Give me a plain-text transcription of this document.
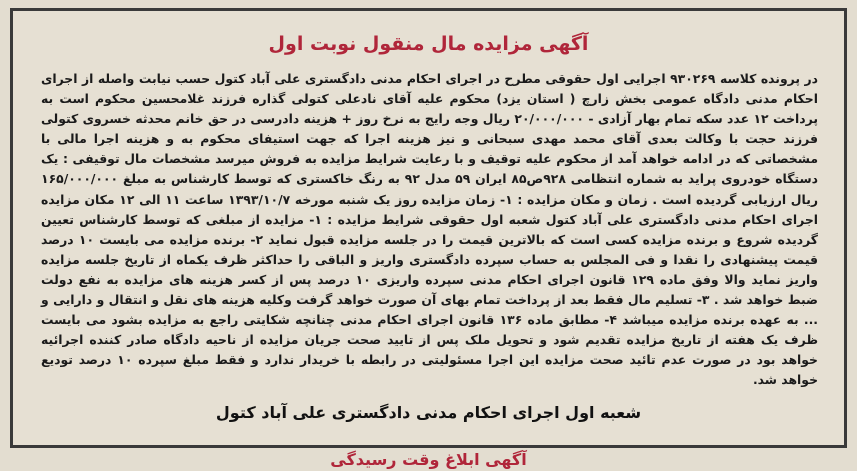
آگهی مزایده مال منقول نوبت اول

در پرونده کلاسه ۹۳۰۲۶۹ اجرایی اول حقوقی مطرح در اجرای احکام مدنی دادگستری علی آباد کتول حسب نیابت واصله از اجرای احکام مدنی دادگاه عمومی بخش زارچ ( استان یزد) محکوم علیه آقای نادعلی کتولی گذاره فرزند غلامحسین محکوم است به پرداخت ۱۲ عدد سکه تمام بهار آزادی - ۲۰/۰۰۰/۰۰۰ ریال وجه رایج به نرخ روز + هزینه دادرسی در حق خانم محدثه خسروی کتولی فرزند حجت با وکالت بعدی آقای محمد مهدی سبحانی و نیز هزینه اجرا که جهت استیفای محکوم به و هزینه اجرا مالی با مشخصاتی که در ادامه خواهد آمد از محکوم علیه توقیف و با رعایت شرایط مزایده به فروش میرسد مشخصات مال توقیفی : یک دستگاه خودروی پراید به شماره انتظامی ۹۲۸ص۸۵ ایران ۵۹ مدل ۹۲ به رنگ خاکستری که توسط کارشناس به مبلغ ۱۶۵/۰۰۰/۰۰۰ ریال ارزیابی گردیده است . زمان و مکان مزایده : ۱- زمان مزایده روز یک شنبه مورخه ۱۳۹۳/۱۰/۷ ساعت ۱۱ الی ۱۲ مکان مزایده اجرای احکام مدنی دادگستری علی آباد کتول شعبه اول حقوقی شرایط مزایده : ۱- مزایده از مبلغی که توسط کارشناس تعیین گردیده شروع و برنده مزایده کسی است که بالاترین قیمت را در جلسه مزایده قبول نماید ۲- برنده مزایده می بایست ۱۰ درصد قیمت پیشنهادی را نقدا و فی المجلس به حساب سپرده دادگستری واریز و الباقی را حداکثر ظرف یکماه از تاریخ جلسه مزایده واریز نماید والا وفق ماده ۱۲۹ قانون اجرای احکام مدنی سپرده واریزی ۱۰ درصد پس از کسر هزینه های مزایده به نفع دولت ضبط خواهد شد . ۳- تسلیم مال فقط بعد از پرداخت تمام بهای آن صورت خواهد گرفت وکلیه هزینه های نقل و انتقال و دارایی و ... به عهده برنده مزایده میباشد ۴- مطابق ماده ۱۳۶ قانون اجرای احکام مدنی چنانچه شکایتی راجع به مزایده بشود می بایست ظرف یک هفته از تاریخ مزایده تقدیم شود و تحویل ملک پس از تایید صحت جریان مزایده از ناحیه دادگاه صادر کننده اجرائیه خواهد بود در صورت عدم تائید صحت مزایده این اجرا مسئولیتی در رابطه با خریدار ندارد و فقط مبلغ سپرده ۱۰ درصد تودیع خواهد شد.

شعبه اول اجرای احکام مدنی دادگستری علی آباد کتول
آگهی ابلاغ وقت رسیدگی
